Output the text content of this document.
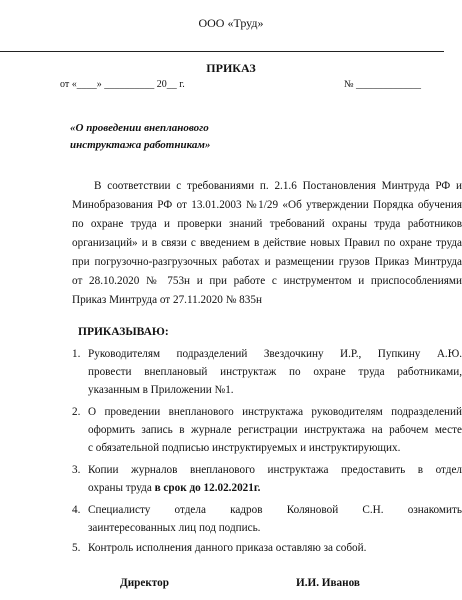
ООО «Труд»
ПРИКАЗ
от «____» __________ 20__ г.	№ _____________
«О проведении внепланового
инструктажа работникам»
В соответствии с требованиями п. 2.1.6 Постановления Минтруда РФ и
Минобразования РФ от 13.01.2003 №1/29 «Об утверждении Порядка обучения
по охране труда и проверки знаний требований охраны труда работников
организаций» и в связи с введением в действие новых Правил по охране труда
при погрузочно-разгрузочных работах и размещении грузов Приказ Минтруда
от 28.10.2020 № 753н и при работе с инструментом и приспособлениями
Приказ Минтруда от 27.11.2020 № 835н
ПРИКАЗЫВАЮ:
1. Руководителям подразделений Звездочкину И.Р., Пупкину А.Ю.
провести внеплановый инструктаж по охране труда работниками,
указанным в Приложении №1.
2. О проведении внепланового инструктажа руководителям подразделений
оформить запись в журнале регистрации инструктажа на рабочем месте
с обязательной подписью инструктируемых и инструктирующих.
3. Копии журналов внепланового инструктажа предоставить в отдел
охраны труда в срок до 12.02.2021г.
4. Специалисту отдела кадров Коляновой С.Н. ознакомить
заинтересованных лиц под подпись.
5. Контроль исполнения данного приказа оставляю за собой.
Директор	И.И. Иванов
